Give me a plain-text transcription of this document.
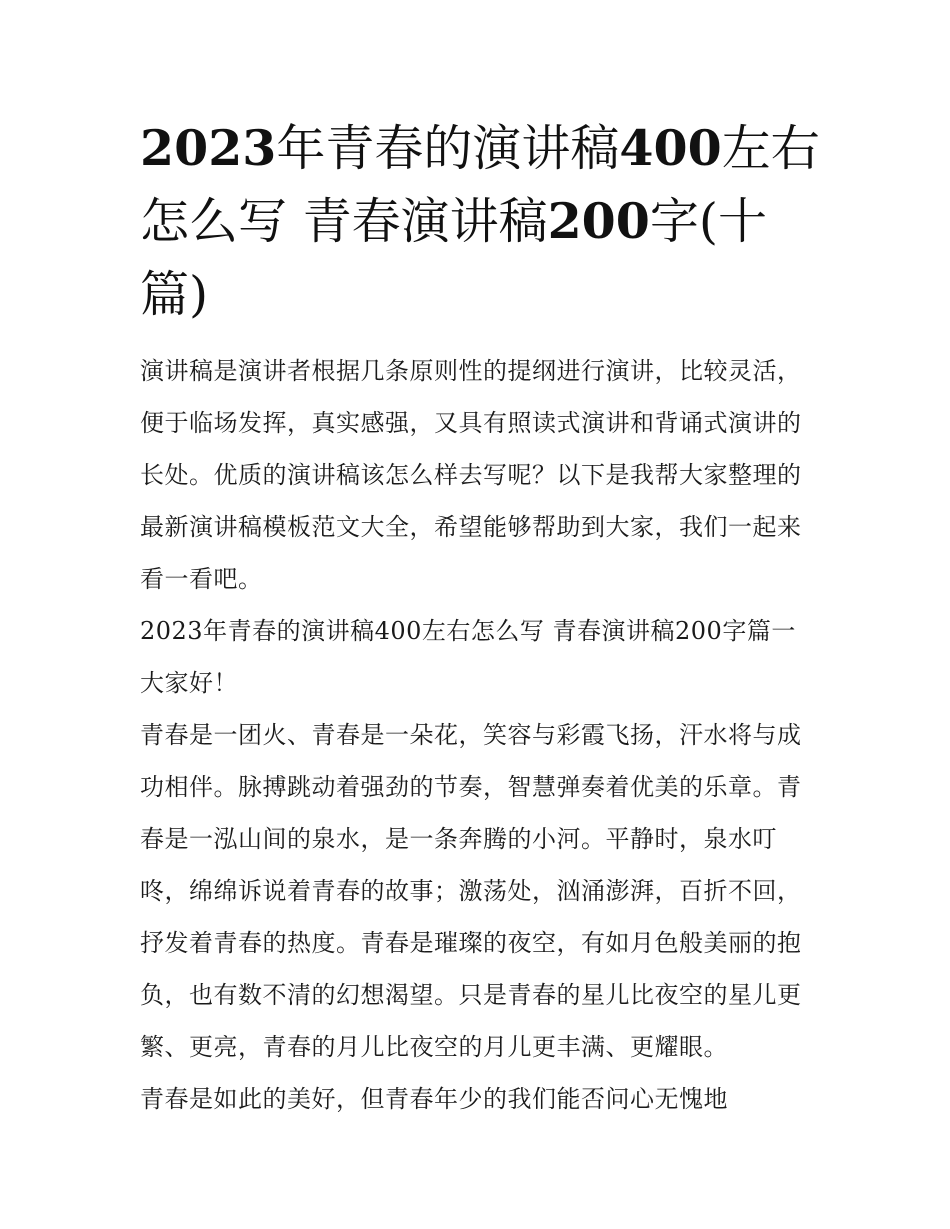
2023年青春的演讲稿400左右怎么写 青春演讲稿200字(十篇)

演讲稿是演讲者根据几条原则性的提纲进行演讲，比较灵活，便于临场发挥，真实感强，又具有照读式演讲和背诵式演讲的长处。优质的演讲稿该怎么样去写呢？以下是我帮大家整理的最新演讲稿模板范文大全，希望能够帮助到大家，我们一起来看一看吧。

2023年青春的演讲稿400左右怎么写 青春演讲稿200字篇一

大家好！

青春是一团火、青春是一朵花，笑容与彩霞飞扬，汗水将与成功相伴。脉搏跳动着强劲的节奏，智慧弹奏着优美的乐章。青春是一泓山间的泉水，是一条奔腾的小河。平静时，泉水叮咚，绵绵诉说着青春的故事；激荡处，汹涌澎湃，百折不回，抒发着青春的热度。青春是璀璨的夜空，有如月色般美丽的抱负，也有数不清的幻想渴望。只是青春的星儿比夜空的星儿更繁、更亮，青春的月儿比夜空的月儿更丰满、更耀眼。

青春是如此的美好，但青春年少的我们能否问心无愧地
